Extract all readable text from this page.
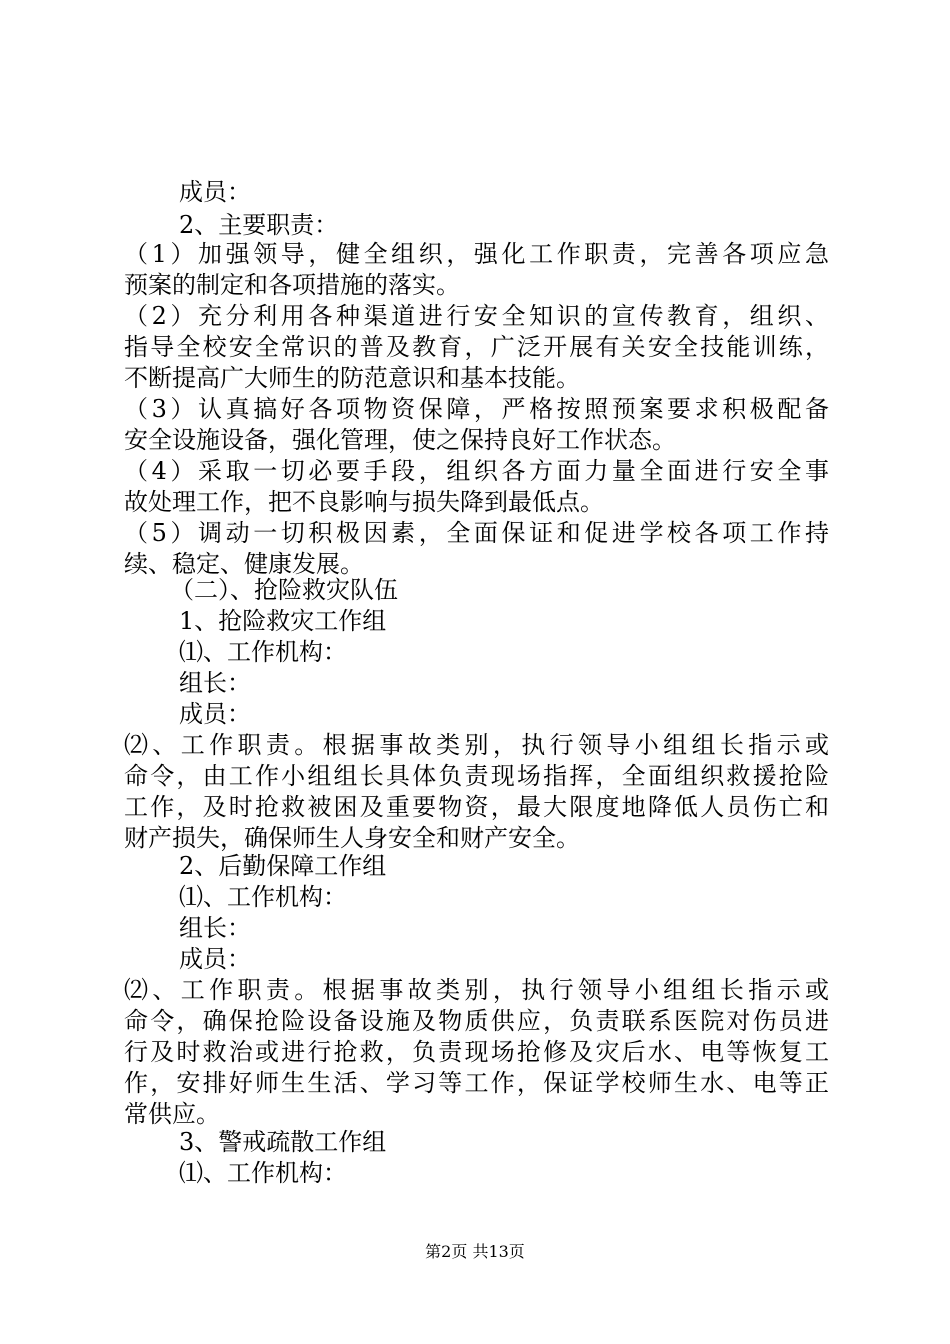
成员：
2、主要职责：
（1）加强领导，健全组织，强化工作职责，完善各项应急
预案的制定和各项措施的落实。
（2）充分利用各种渠道进行安全知识的宣传教育，组织、
指导全校安全常识的普及教育，广泛开展有关安全技能训练，
不断提高广大师生的防范意识和基本技能。
（3）认真搞好各项物资保障，严格按照预案要求积极配备
安全设施设备，强化管理，使之保持良好工作状态。
（4）采取一切必要手段，组织各方面力量全面进行安全事
故处理工作，把不良影响与损失降到最低点。
（5）调动一切积极因素，全面保证和促进学校各项工作持
续、稳定、健康发展。
（二）、抢险救灾队伍
1、抢险救灾工作组
⑴、工作机构：
组长：
成员：
⑵、工作职责。根据事故类别，执行领导小组组长指示或
命令，由工作小组组长具体负责现场指挥，全面组织救援抢险
工作，及时抢救被困及重要物资，最大限度地降低人员伤亡和
财产损失，确保师生人身安全和财产安全。
2、后勤保障工作组
⑴、工作机构：
组长：
成员：
⑵、工作职责。根据事故类别，执行领导小组组长指示或
命令，确保抢险设备设施及物质供应，负责联系医院对伤员进
行及时救治或进行抢救，负责现场抢修及灾后水、电等恢复工
作，安排好师生生活、学习等工作，保证学校师生水、电等正
常供应。
3、警戒疏散工作组
⑴、工作机构：
第2页 共13页
